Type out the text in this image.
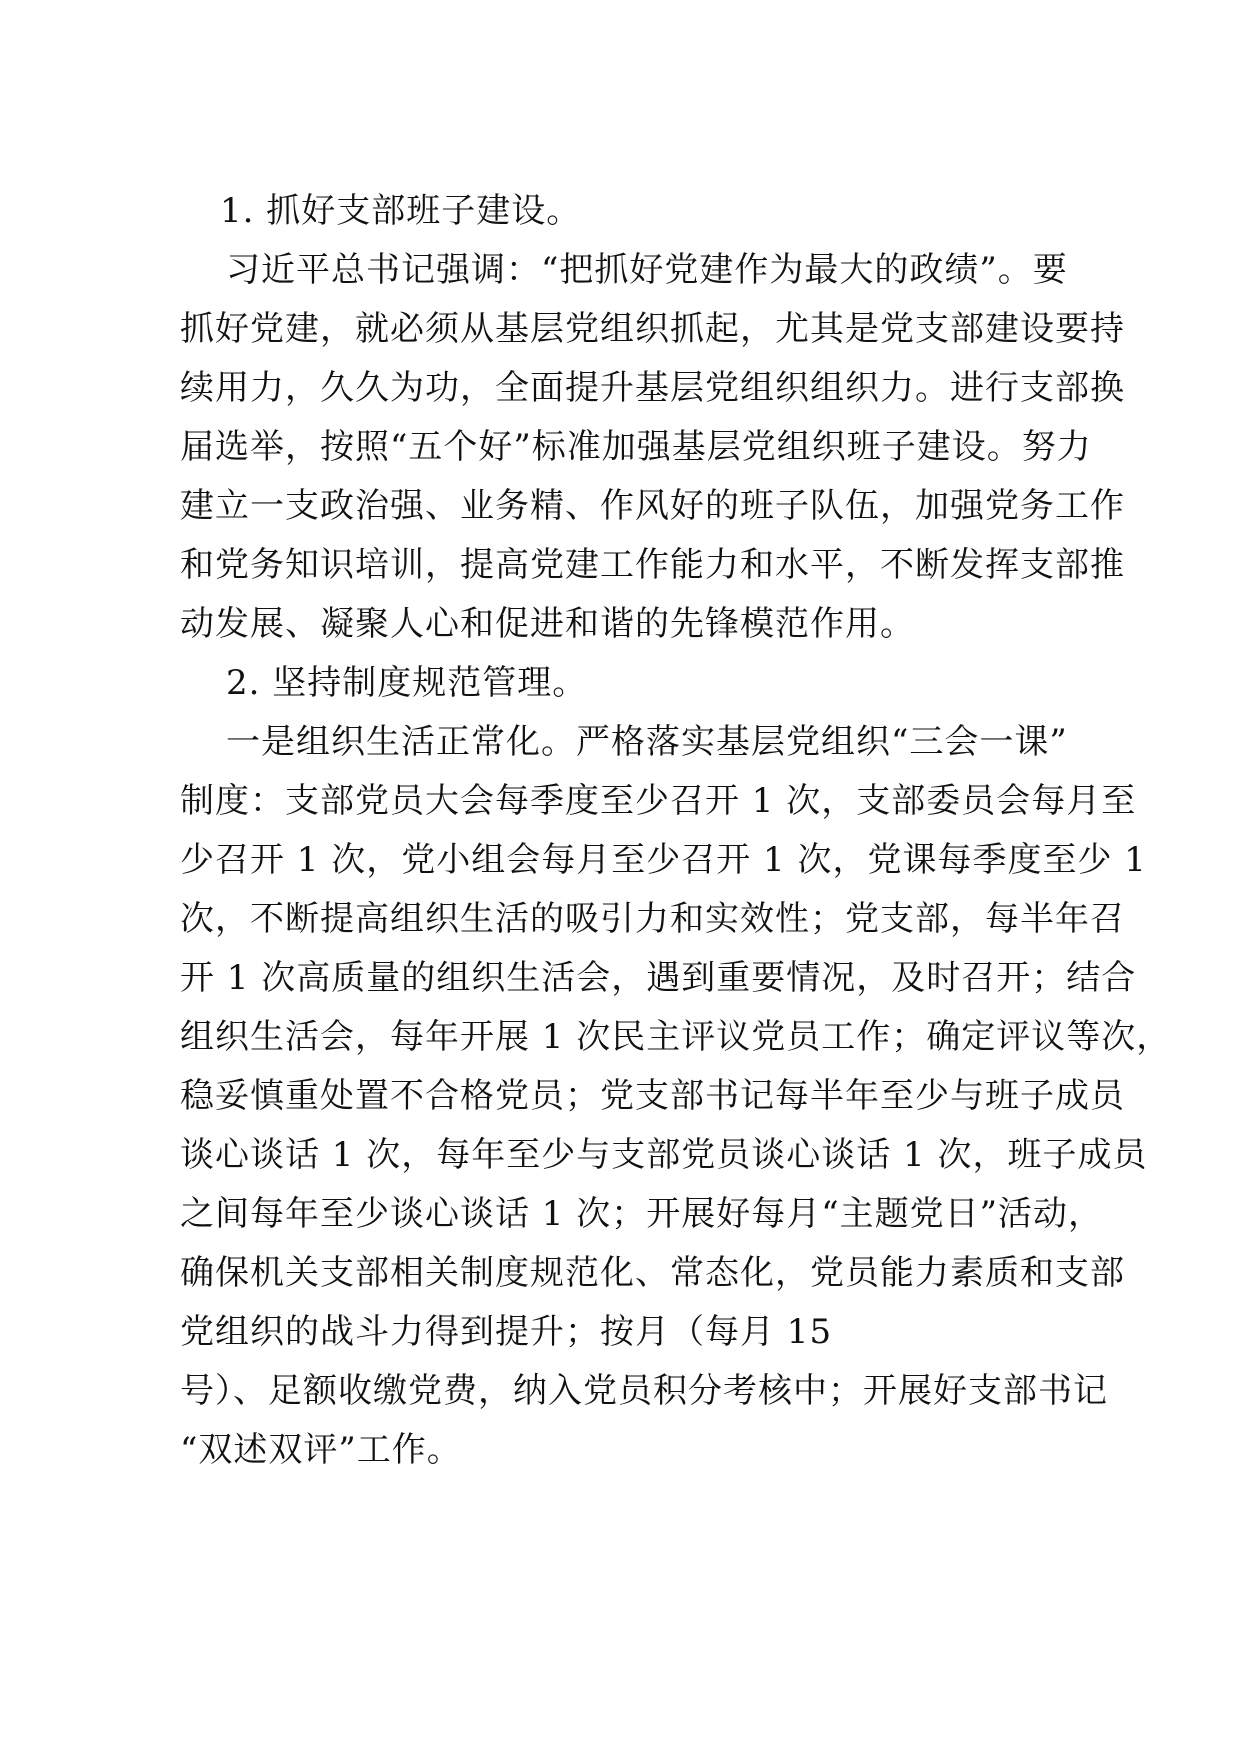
1. 抓好支部班子建设。
习近平总书记强调：“把抓好党建作为最大的政绩”。要
抓好党建，就必须从基层党组织抓起，尤其是党支部建设要持
续用力，久久为功，全面提升基层党组织组织力。进行支部换
届选举，按照“五个好”标准加强基层党组织班子建设。努力
建立一支政治强、业务精、作风好的班子队伍，加强党务工作
和党务知识培训，提高党建工作能力和水平，不断发挥支部推
动发展、凝聚人心和促进和谐的先锋模范作用。
2. 坚持制度规范管理。
一是组织生活正常化。严格落实基层党组织“三会一课”
制度：支部党员大会每季度至少召开 1 次，支部委员会每月至
少召开 1 次，党小组会每月至少召开 1 次，党课每季度至少 1
次，不断提高组织生活的吸引力和实效性；党支部，每半年召
开 1 次高质量的组织生活会，遇到重要情况，及时召开；结合
组织生活会，每年开展 1 次民主评议党员工作；确定评议等次，
稳妥慎重处置不合格党员；党支部书记每半年至少与班子成员
谈心谈话 1 次，每年至少与支部党员谈心谈话 1 次，班子成员
之间每年至少谈心谈话 1 次；开展好每月“主题党日”活动，
确保机关支部相关制度规范化、常态化，党员能力素质和支部
党组织的战斗力得到提升；按月（每月 15
号）、足额收缴党费，纳入党员积分考核中；开展好支部书记
“双述双评”工作。
